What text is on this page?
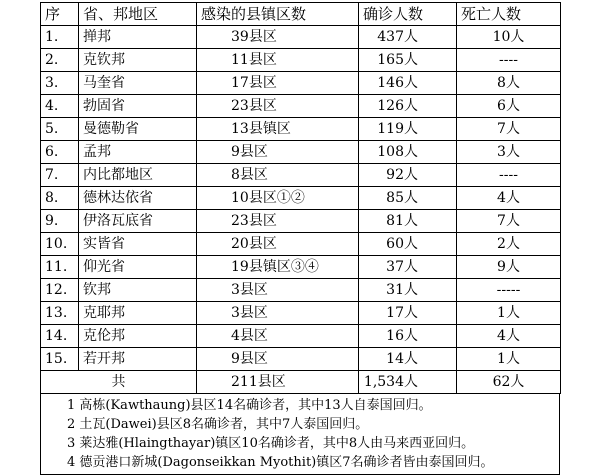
序	省、邦地区	感染的县镇区数	确诊人数	死亡人数
1.	掸邦	39县区	437人	10人
2.	克钦邦	11县区	165人	----
3.	马奎省	17县区	146人	8人
4.	勃固省	23县区	126人	6人
5.	曼德勒省	13县镇区	119人	7人
6.	孟邦	9县区	108人	3人
7.	内比都地区	8县区	92人	----
8.	德林达依省	10县区①②	85人	4人
9.	伊洛瓦底省	23县区	81人	7人
10.	实皆省	20县区	60人	2人
11.	仰光省	19县镇区③④	37人	9人
12.	钦邦	3县区	31人	-----
13.	克耶邦	3县区	17人	1人
14.	克伦邦	4县区	16人	4人
15.	若开邦	9县区	14人	1人
共		211县区	1,534人	62人
1 高栋(Kawthaung)县区14名确诊者，其中13人自泰国回归。
2 土瓦(Dawei)县区8名确诊者，其中7人泰国回归。
3 莱达雅(Hlaingthayar)镇区10名确诊者，其中8人由马来西亚回归。
4 德贡港口新城(Dagonseikkan Myothit)镇区7名确诊者皆由泰国回归。
